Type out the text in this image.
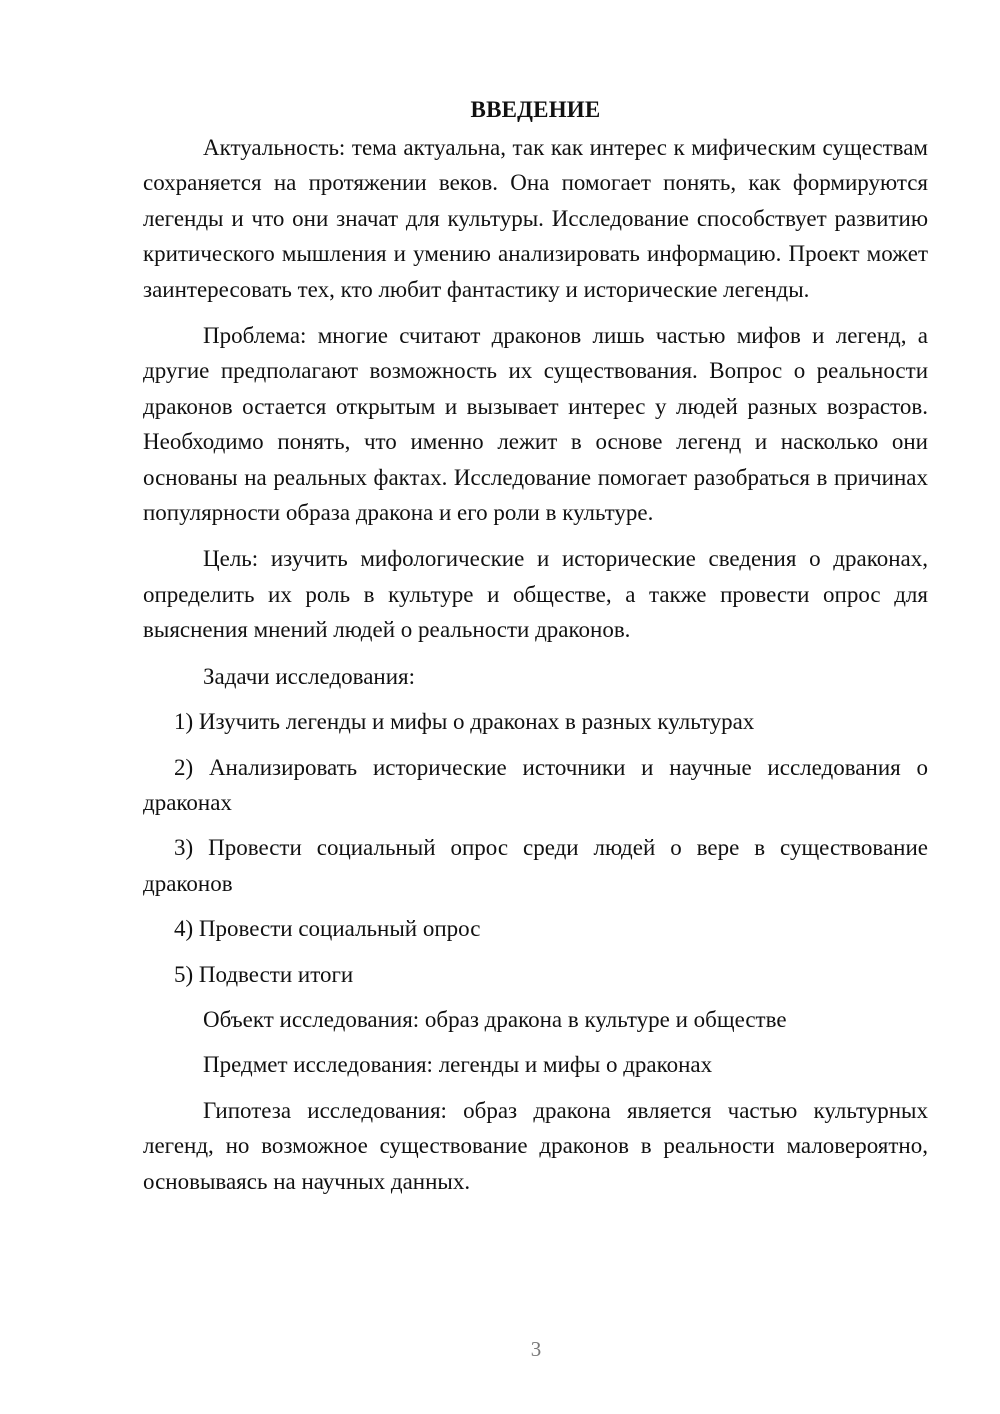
ВВЕДЕНИЕ

Актуальность: тема актуальна, так как интерес к мифическим существам сохраняется на протяжении веков. Она помогает понять, как формируются легенды и что они значат для культуры. Исследование способствует развитию критического мышления и умению анализировать информацию. Проект может заинтересовать тех, кто любит фантастику и исторические легенды.

Проблема: многие считают драконов лишь частью мифов и легенд, а другие предполагают возможность их существования. Вопрос о реальности драконов остается открытым и вызывает интерес у людей разных возрастов. Необходимо понять, что именно лежит в основе легенд и насколько они основаны на реальных фактах. Исследование помогает разобраться в причинах популярности образа дракона и его роли в культуре.

Цель: изучить мифологические и исторические сведения о драконах, определить их роль в культуре и обществе, а также провести опрос для выяснения мнений людей о реальности драконов.

Задачи исследования:

1) Изучить легенды и мифы о драконах в разных культурах

2) Анализировать исторические источники и научные исследования о драконах

3) Провести социальный опрос среди людей о вере в существование драконов

4) Провести социальный опрос

5) Подвести итоги

Объект исследования: образ дракона в культуре и обществе

Предмет исследования: легенды и мифы о драконах

Гипотеза исследования: образ дракона является частью культурных легенд, но возможное существование драконов в реальности маловероятно, основываясь на научных данных.

3
